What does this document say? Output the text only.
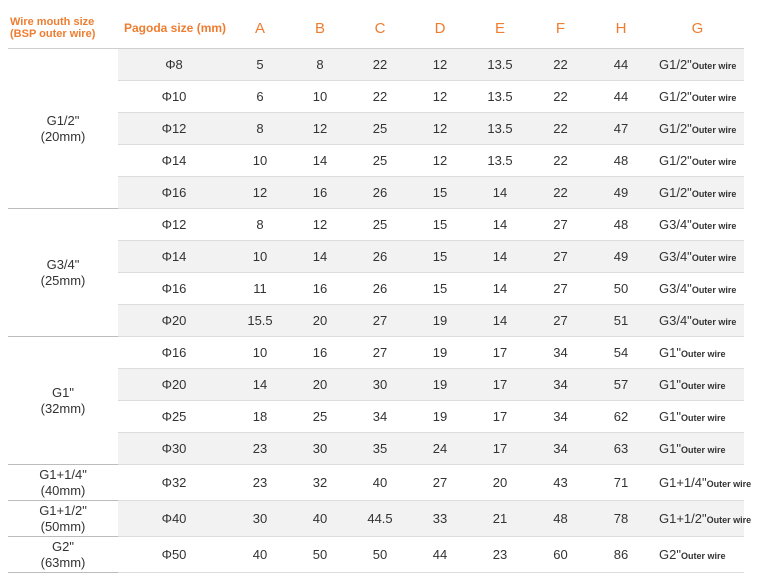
Wire mouth size
(BSP outer wire)	Pagoda size (mm)	A	B	C	D	E	F	H	G
G1/2"
(20mm)	Φ8	5	8	22	12	13.5	22	44	G1/2"Outer wire
	Φ10	6	10	22	12	13.5	22	44	G1/2"Outer wire
	Φ12	8	12	25	12	13.5	22	47	G1/2"Outer wire
	Φ14	10	14	25	12	13.5	22	48	G1/2"Outer wire
	Φ16	12	16	26	15	14	22	49	G1/2"Outer wire
G3/4"
(25mm)	Φ12	8	12	25	15	14	27	48	G3/4"Outer wire
	Φ14	10	14	26	15	14	27	49	G3/4"Outer wire
	Φ16	11	16	26	15	14	27	50	G3/4"Outer wire
	Φ20	15.5	20	27	19	14	27	51	G3/4"Outer wire
G1"
(32mm)	Φ16	10	16	27	19	17	34	54	G1"Outer wire
	Φ20	14	20	30	19	17	34	57	G1"Outer wire
	Φ25	18	25	34	19	17	34	62	G1"Outer wire
	Φ30	23	30	35	24	17	34	63	G1"Outer wire
G1+1/4"
(40mm)	Φ32	23	32	40	27	20	43	71	G1+1/4"Outer wire
G1+1/2"
(50mm)	Φ40	30	40	44.5	33	21	48	78	G1+1/2"Outer wire
G2"
(63mm)	Φ50	40	50	50	44	23	60	86	G2"Outer wire
